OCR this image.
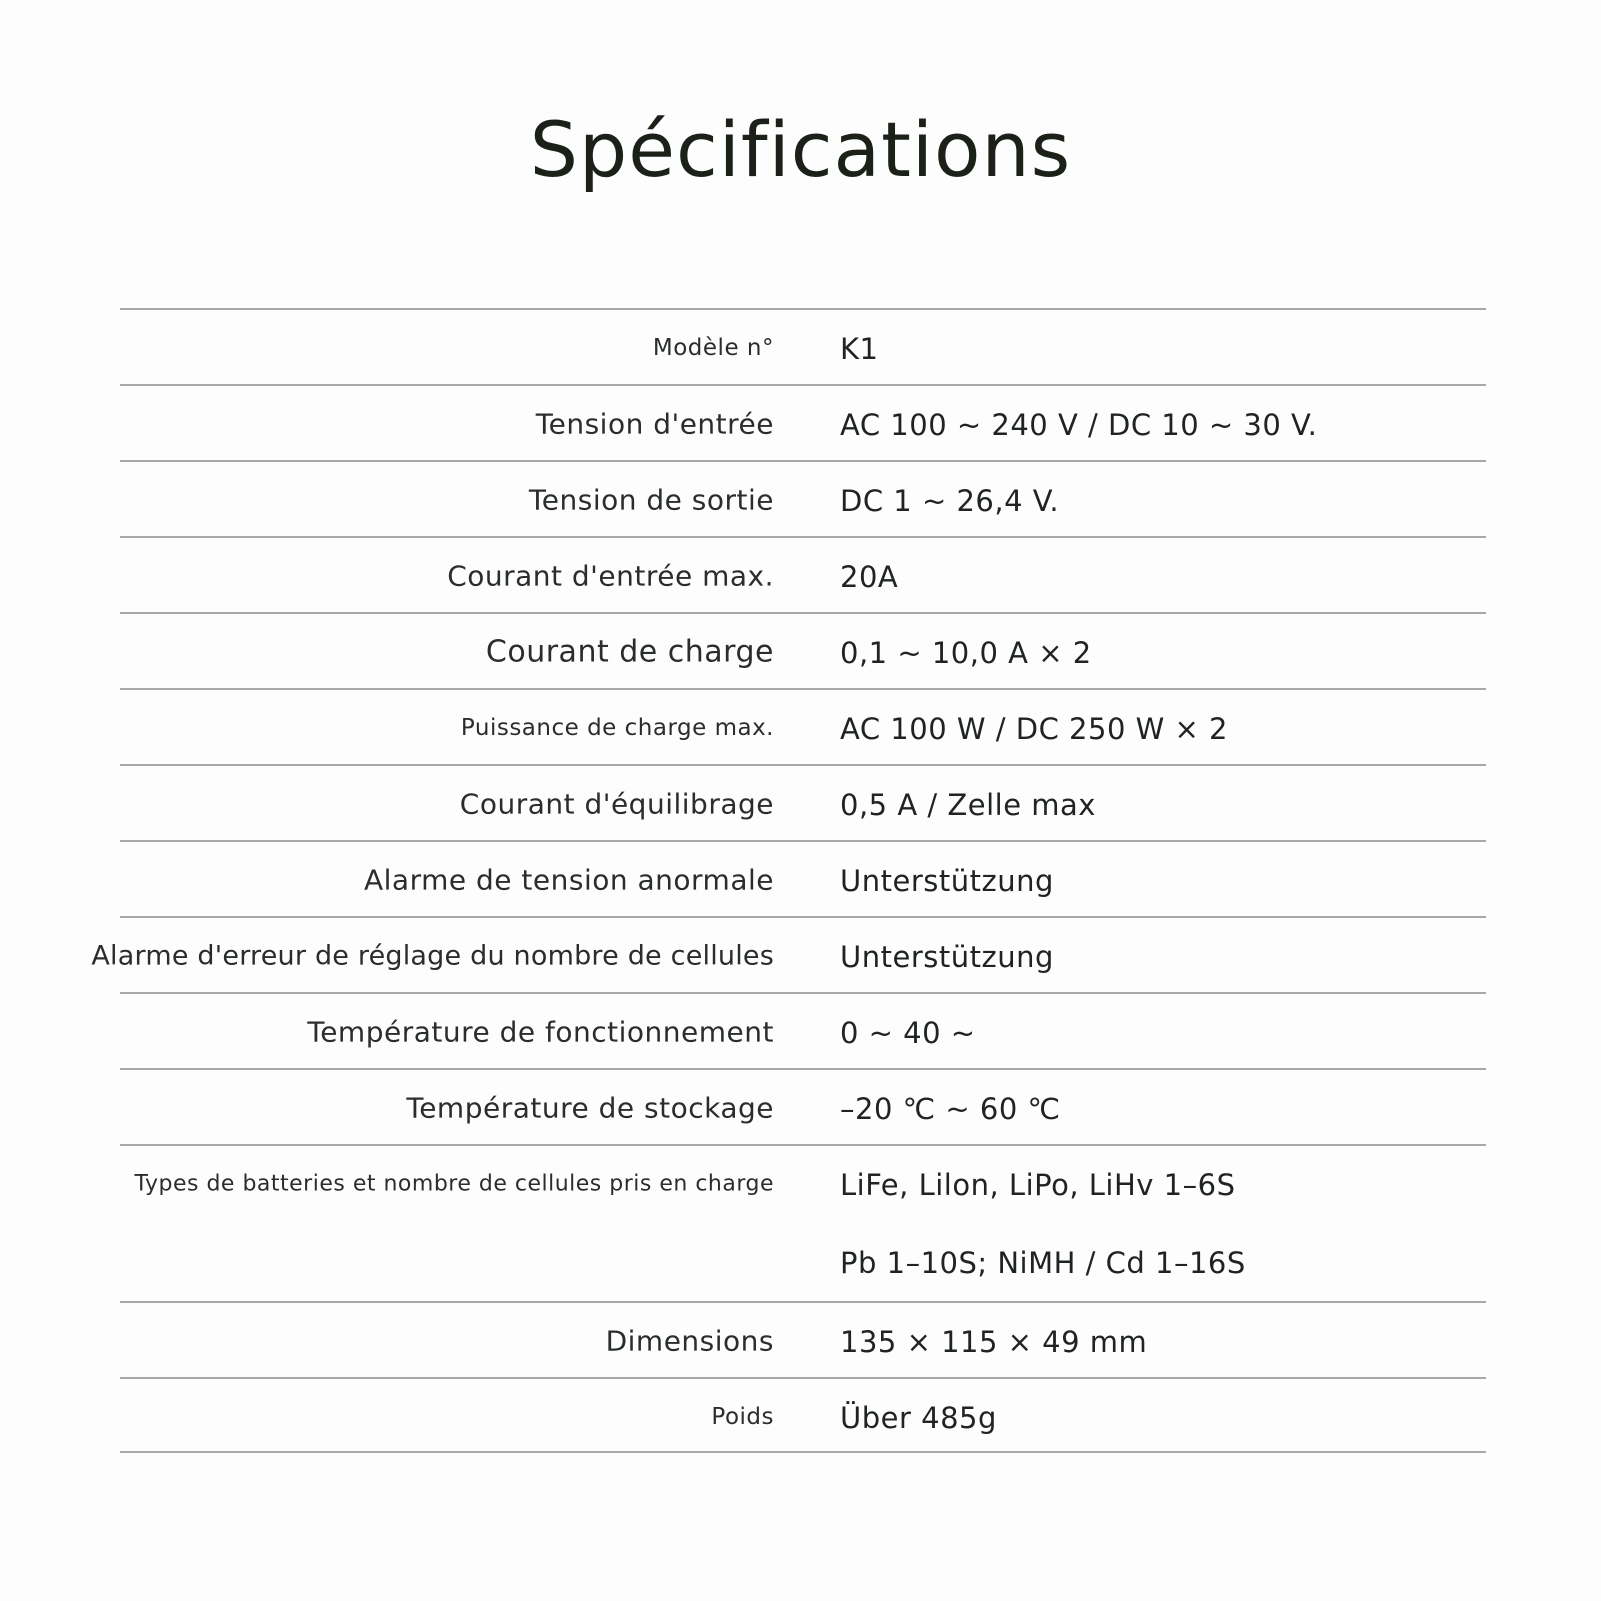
Spécifications
Modèle n° K1
Tension d'entrée AC 100 ~ 240 V / DC 10 ~ 30 V.
Tension de sortie DC 1 ~ 26,4 V.
Courant d'entrée max. 20A
Courant de charge 0,1 ~ 10,0 A × 2
Puissance de charge max. AC 100 W / DC 250 W × 2
Courant d'équilibrage 0,5 A / Zelle max
Alarme de tension anormale Unterstützung
Alarme d'erreur de réglage du nombre de cellules Unterstützung
Température de fonctionnement 0 ~ 40 ~
Température de stockage –20 ℃ ~ 60 ℃
Types de batteries et nombre de cellules pris en charge LiFe, Lilon, LiPo, LiHv 1–6S
Pb 1–10S; NiMH / Cd 1–16S
Dimensions 135 × 115 × 49 mm
Poids Über 485g
